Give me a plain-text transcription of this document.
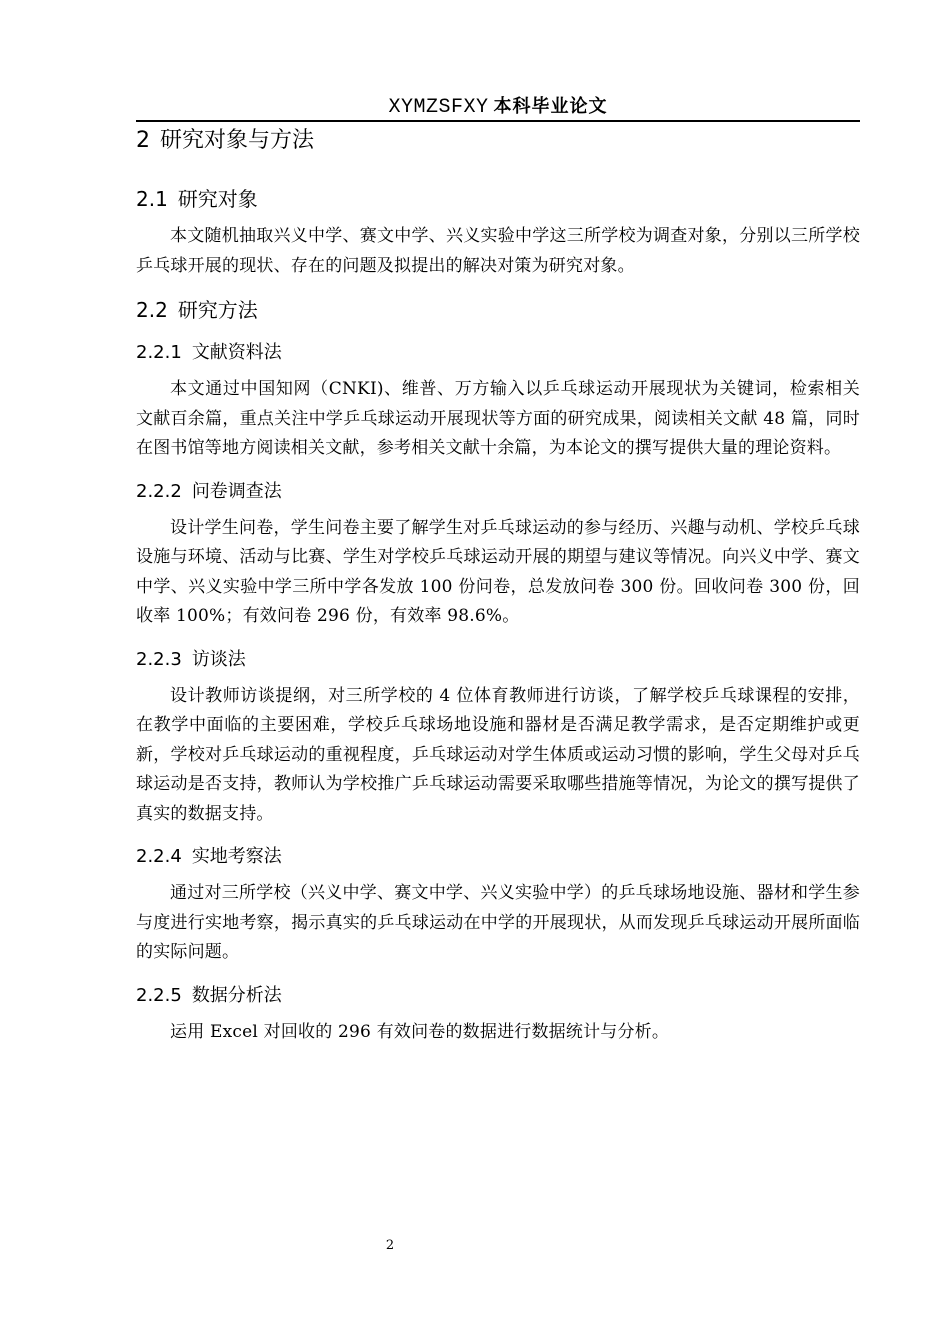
XYMZSFXY 本科毕业论文
2 研究对象与方法
2.1 研究对象

本文随机抽取兴义中学、赛文中学、兴义实验中学这三所学校为调查对象，分别以三所学校乒乓球开展的现状、存在的问题及拟提出的解决对策为研究对象。

2.2 研究方法
2.2.1 文献资料法

本文通过中国知网（CNKI)、维普、万方输入以乒乓球运动开展现状为关键词，检索相关文献百余篇，重点关注中学乒乓球运动开展现状等方面的研究成果，阅读相关文献 48 篇，同时在图书馆等地方阅读相关文献，参考相关文献十余篇，为本论文的撰写提供大量的理论资料。

2.2.2 问卷调查法

设计学生问卷，学生问卷主要了解学生对乒乓球运动的参与经历、兴趣与动机、学校乒乓球设施与环境、活动与比赛、学生对学校乒乓球运动开展的期望与建议等情况。向兴义中学、赛文中学、兴义实验中学三所中学各发放 100 份问卷，总发放问卷 300 份。回收问卷 300 份，回收率 100%；有效问卷 296 份，有效率 98.6%。

2.2.3 访谈法

设计教师访谈提纲，对三所学校的 4 位体育教师进行访谈，了解学校乒乓球课程的安排，在教学中面临的主要困难，学校乒乓球场地设施和器材是否满足教学需求，是否定期维护或更新，学校对乒乓球运动的重视程度，乒乓球运动对学生体质或运动习惯的影响，学生父母对乒乓球运动是否支持，教师认为学校推广乒乓球运动需要采取哪些措施等情况，为论文的撰写提供了真实的数据支持。

2.2.4 实地考察法

通过对三所学校（兴义中学、赛文中学、兴义实验中学）的乒乓球场地设施、器材和学生参与度进行实地考察，揭示真实的乒乓球运动在中学的开展现状，从而发现乒乓球运动开展所面临的实际问题。

2.2.5 数据分析法

运用 Excel 对回收的 296 有效问卷的数据进行数据统计与分析。

2
